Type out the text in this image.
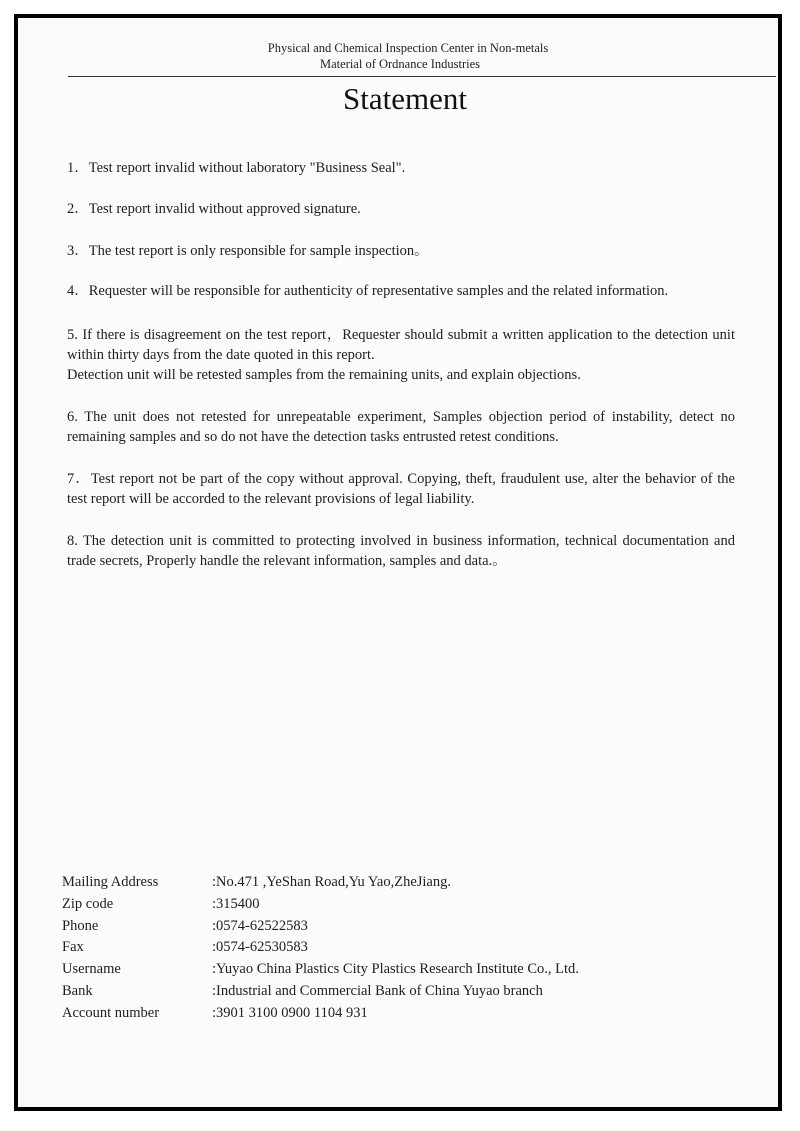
Physical and Chemical Inspection Center in Non-metals
Material of Ordnance Industries
Statement

1．Test report invalid without laboratory "Business Seal".

2．Test report invalid without approved signature.

3．The test report is only responsible for sample inspection。

4．Requester will be responsible for authenticity of representative samples and the related information.

5. If there is disagreement on the test report，Requester should submit a written application to the detection unit within thirty days from the date quoted in this report.

Detection unit will be retested samples from the remaining units, and explain objections.

6. The unit does not retested for unrepeatable experiment, Samples objection period of instability, detect no remaining samples and so do not have the detection tasks entrusted retest conditions.

7．Test report not be part of the copy without approval. Copying, theft, fraudulent use, alter the behavior of the test report will be accorded to the relevant provisions of legal liability.

8. The detection unit is committed to protecting involved in business information, technical documentation and trade secrets, Properly handle the relevant information, samples and data.。

Mailing Address	:No.471 ,YeShan Road,Yu Yao,ZheJiang.
Zip code	:315400
Phone	:0574-62522583
Fax	:0574-62530583
Username	:Yuyao China Plastics City Plastics Research Institute Co., Ltd.
Bank	:Industrial and Commercial Bank of China Yuyao branch
Account number	:3901 3100 0900 1104 931
